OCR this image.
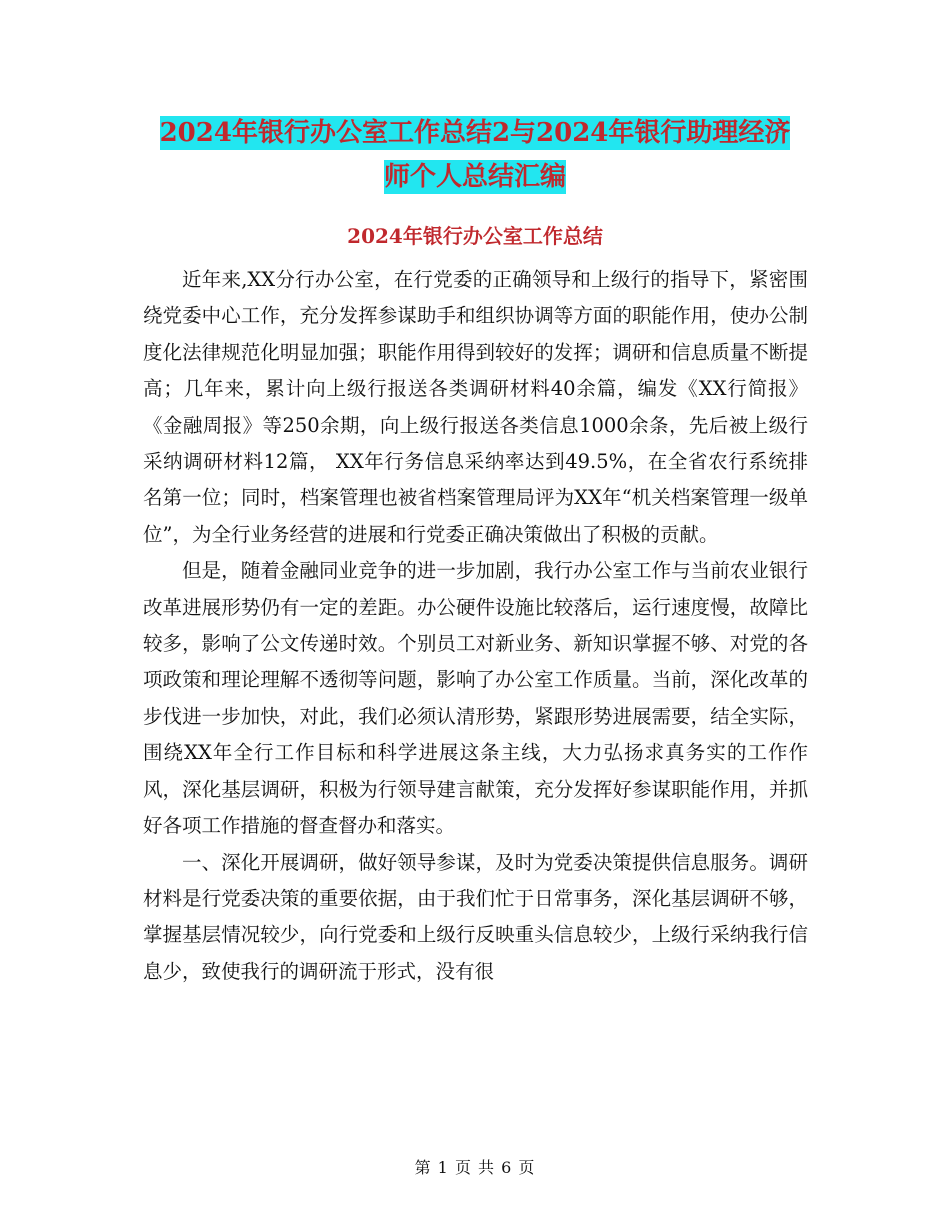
2024年银行办公室工作总结2与2024年银行助理经济
师个人总结汇编
2024年银行办公室工作总结

近年来,XX分行办公室，在行党委的正确领导和上级行的指导下，紧密围绕党委中心工作，充分发挥参谋助手和组织协调等方面的职能作用，使办公制度化法律规范化明显加强；职能作用得到较好的发挥；调研和信息质量不断提高；几年来，累计向上级行报送各类调研材料40余篇，编发《XX行简报》《金融周报》等250余期，向上级行报送各类信息1000余条，先后被上级行采纳调研材料12篇， XX年行务信息采纳率达到49.5%，在全省农行系统排名第一位；同时，档案管理也被省档案管理局评为XX年“机关档案管理一级单位”，为全行业务经营的进展和行党委正确决策做出了积极的贡献。

但是，随着金融同业竞争的进一步加剧，我行办公室工作与当前农业银行改革进展形势仍有一定的差距。办公硬件设施比较落后，运行速度慢，故障比较多，影响了公文传递时效。个别员工对新业务、新知识掌握不够、对党的各项政策和理论理解不透彻等问题，影响了办公室工作质量。当前，深化改革的步伐进一步加快，对此，我们必须认清形势，紧跟形势进展需要，结全实际，围绕XX年全行工作目标和科学进展这条主线，大力弘扬求真务实的工作作风，深化基层调研，积极为行领导建言献策，充分发挥好参谋职能作用，并抓好各项工作措施的督查督办和落实。

一、深化开展调研，做好领导参谋，及时为党委决策提供信息服务。调研材料是行党委决策的重要依据，由于我们忙于日常事务，深化基层调研不够，掌握基层情况较少，向行党委和上级行反映重头信息较少，上级行采纳我行信息少，致使我行的调研流于形式，没有很

第 1 页 共 6 页
